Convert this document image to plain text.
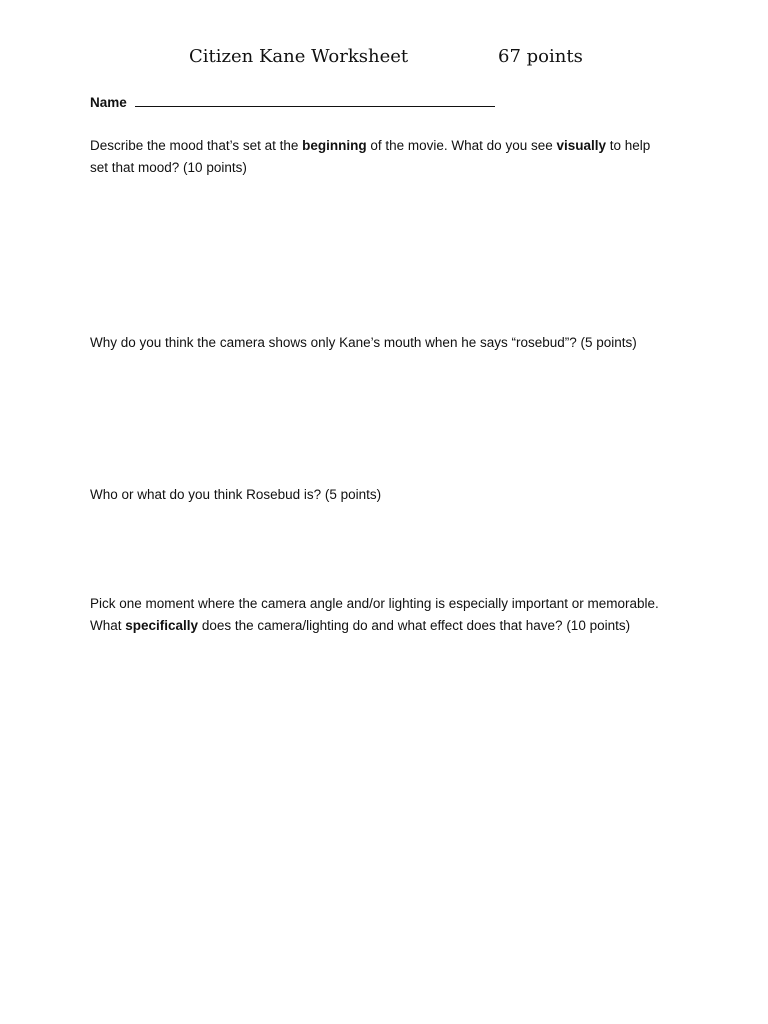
Citizen Kane Worksheet	67 points
Name
Describe the mood that’s set at the beginning of the movie. What do you see visually to help
set that mood? (10 points)
Why do you think the camera shows only Kane’s mouth when he says “rosebud”? (5 points)
Who or what do you think Rosebud is? (5 points)
Pick one moment where the camera angle and/or lighting is especially important or memorable.
What specifically does the camera/lighting do and what effect does that have? (10 points)
